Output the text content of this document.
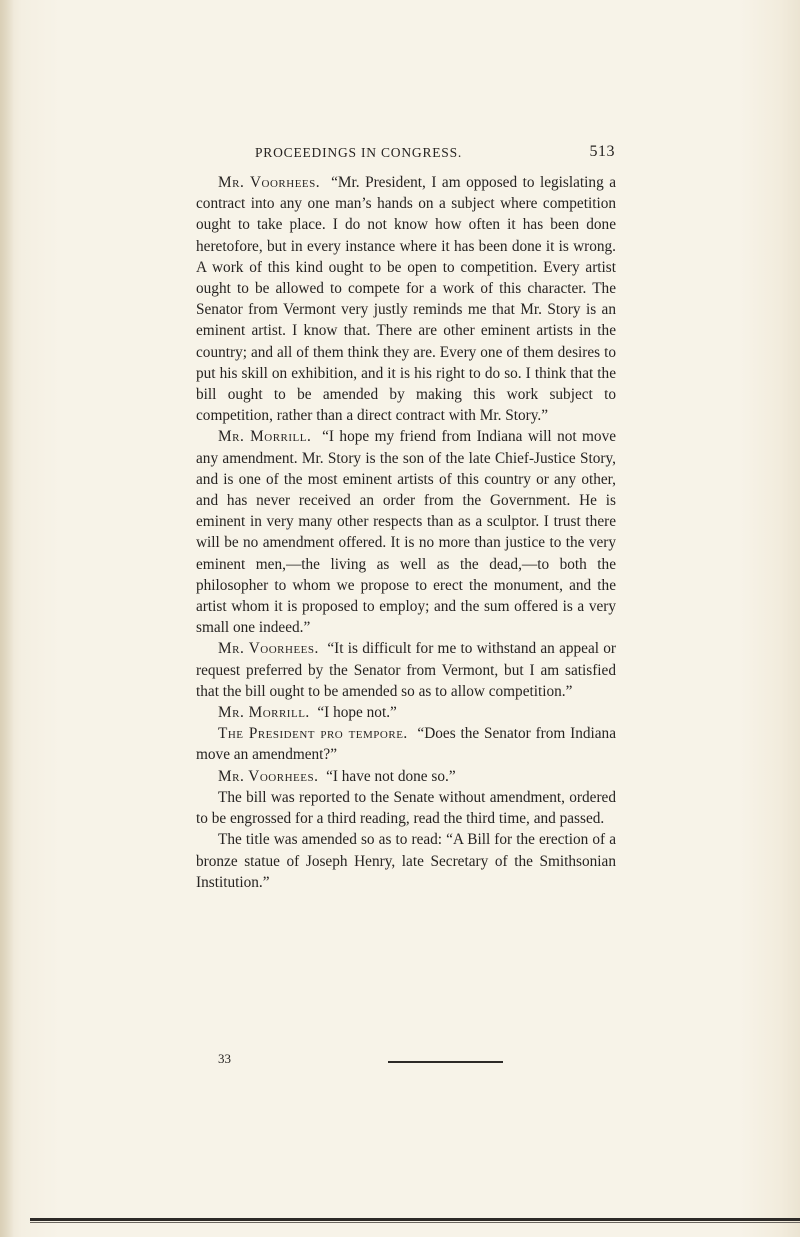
PROCEEDINGS IN CONGRESS.	513

Mr. Voorhees. “Mr. President, I am opposed to legislating a contract into any one man’s hands on a subject where competition ought to take place. I do not know how often it has been done heretofore, but in every instance where it has been done it is wrong. A work of this kind ought to be open to competition. Every artist ought to be allowed to compete for a work of this character. The Senator from Vermont very justly reminds me that Mr. Story is an eminent artist. I know that. There are other eminent artists in the country; and all of them think they are. Every one of them desires to put his skill on exhibition, and it is his right to do so. I think that the bill ought to be amended by making this work subject to competition, rather than a direct contract with Mr. Story.”

Mr. Morrill. “I hope my friend from Indiana will not move any amendment. Mr. Story is the son of the late Chief-Justice Story, and is one of the most eminent artists of this country or any other, and has never received an order from the Government. He is eminent in very many other respects than as a sculptor. I trust there will be no amendment offered. It is no more than justice to the very eminent men,—the living as well as the dead,—to both the philosopher to whom we propose to erect the monument, and the artist whom it is proposed to employ; and the sum offered is a very small one indeed.”

Mr. Voorhees. “It is difficult for me to withstand an appeal or request preferred by the Senator from Vermont, but I am satisfied that the bill ought to be amended so as to allow competition.”

Mr. Morrill. “I hope not.”

The President pro tempore. “Does the Senator from Indiana move an amendment?”

Mr. Voorhees. “I have not done so.”

The bill was reported to the Senate without amendment, ordered to be engrossed for a third reading, read the third time, and passed.

The title was amended so as to read: “A Bill for the erection of a bronze statue of Joseph Henry, late Secretary of the Smithsonian Institution.”

33
